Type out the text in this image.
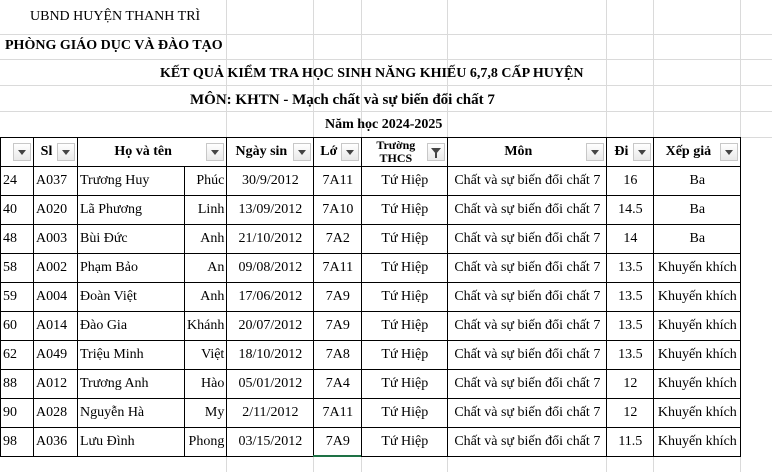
UBND HUYỆN THANH TRÌ
PHÒNG GIÁO DỤC VÀ ĐÀO TẠO
KẾT QUẢ KIỂM TRA HỌC SINH NĂNG KHIẾU 6,7,8 CẤP HUYỆN
MÔN: KHTN - Mạch chất và sự biến đổi chất 7
Năm học 2024-2025

	Sl	Họ và tên		Ngày sin	Lớ	Trường THCS	Môn	Đi	Xếp giả

24	A037	Trương Huy	Phúc	30/9/2012	7A11	Tứ Hiệp	Chất và sự biến đổi chất 7	16	Ba
40	A020	Lã Phương	Linh	13/09/2012	7A10	Tứ Hiệp	Chất và sự biến đổi chất 7	14.5	Ba
48	A003	Bùi Đức	Anh	21/10/2012	7A2	Tứ Hiệp	Chất và sự biến đổi chất 7	14	Ba
58	A002	Phạm Bảo	An	09/08/2012	7A11	Tứ Hiệp	Chất và sự biến đổi chất 7	13.5	Khuyến khích
59	A004	Đoàn Việt	Anh	17/06/2012	7A9	Tứ Hiệp	Chất và sự biến đổi chất 7	13.5	Khuyến khích
60	A014	Đào Gia	Khánh	20/07/2012	7A9	Tứ Hiệp	Chất và sự biến đổi chất 7	13.5	Khuyến khích
62	A049	Triệu Minh	Việt	18/10/2012	7A8	Tứ Hiệp	Chất và sự biến đổi chất 7	13.5	Khuyến khích
88	A012	Trương Anh	Hào	05/01/2012	7A4	Tứ Hiệp	Chất và sự biến đổi chất 7	12	Khuyến khích
90	A028	Nguyễn Hà	My	2/11/2012	7A11	Tứ Hiệp	Chất và sự biến đổi chất 7	12	Khuyến khích
98	A036	Lưu Đình	Phong	03/15/2012	7A9	Tứ Hiệp	Chất và sự biến đổi chất 7	11.5	Khuyến khích
